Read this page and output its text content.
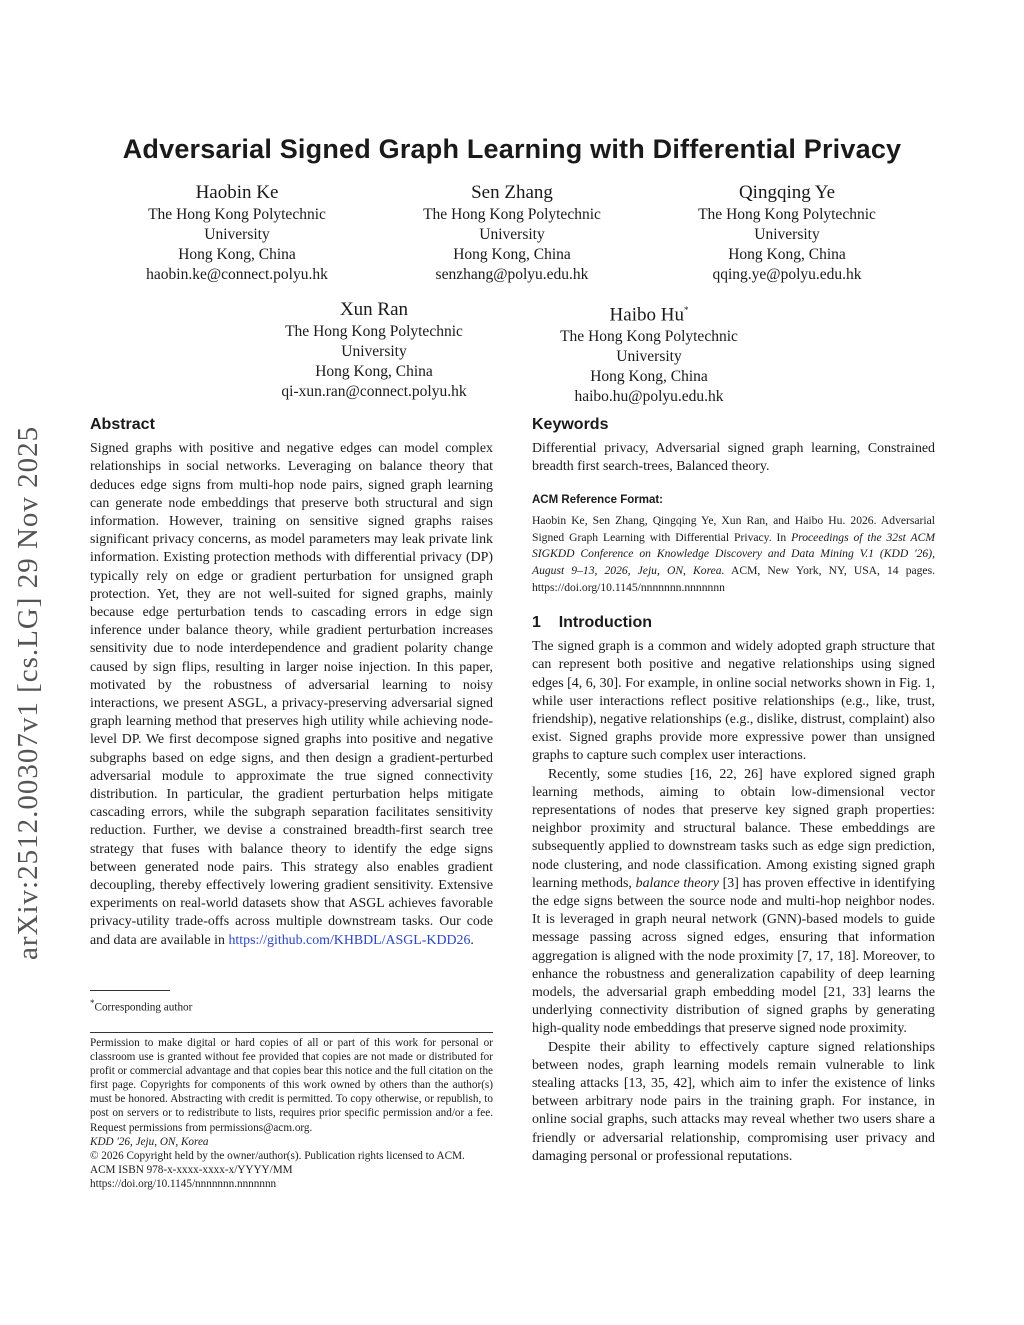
arXiv:2512.00307v1 [cs.LG] 29 Nov 2025
Adversarial Signed Graph Learning with Differential Privacy
Haobin Ke
The Hong Kong Polytechnic
University
Hong Kong, China
haobin.ke@connect.polyu.hk
Sen Zhang
The Hong Kong Polytechnic
University
Hong Kong, China
senzhang@polyu.edu.hk
Qingqing Ye
The Hong Kong Polytechnic
University
Hong Kong, China
qqing.ye@polyu.edu.hk
Xun Ran
The Hong Kong Polytechnic
University
Hong Kong, China
qi-xun.ran@connect.polyu.hk
Haibo Hu*
The Hong Kong Polytechnic
University
Hong Kong, China
haibo.hu@polyu.edu.hk
Abstract

Signed graphs with positive and negative edges can model complex relationships in social networks. Leveraging on balance theory that deduces edge signs from multi-hop node pairs, signed graph learning can generate node embeddings that preserve both structural and sign information. However, training on sensitive signed graphs raises significant privacy concerns, as model parameters may leak private link information. Existing protection methods with differential privacy (DP) typically rely on edge or gradient perturbation for unsigned graph protection. Yet, they are not well-suited for signed graphs, mainly because edge perturbation tends to cascading errors in edge sign inference under balance theory, while gradient perturbation increases sensitivity due to node interdependence and gradient polarity change caused by sign flips, resulting in larger noise injection. In this paper, motivated by the robustness of adversarial learning to noisy interactions, we present ASGL, a privacy-preserving adversarial signed graph learning method that preserves high utility while achieving node-level DP. We first decompose signed graphs into positive and negative subgraphs based on edge signs, and then design a gradient-perturbed adversarial module to approximate the true signed connectivity distribution. In particular, the gradient perturbation helps mitigate cascading errors, while the subgraph separation facilitates sensitivity reduction. Further, we devise a constrained breadth-first search tree strategy that fuses with balance theory to identify the edge signs between generated node pairs. This strategy also enables gradient decoupling, thereby effectively lowering gradient sensitivity. Extensive experiments on real-world datasets show that ASGL achieves favorable privacy-utility trade-offs across multiple downstream tasks. Our code and data are available in https://github.com/KHBDL/ASGL-KDD26.

*Corresponding author

Permission to make digital or hard copies of all or part of this work for personal or classroom use is granted without fee provided that copies are not made or distributed for profit or commercial advantage and that copies bear this notice and the full citation on the first page. Copyrights for components of this work owned by others than the author(s) must be honored. Abstracting with credit is permitted. To copy otherwise, or republish, to post on servers or to redistribute to lists, requires prior specific permission and/or a fee. Request permissions from permissions@acm.org.

KDD '26, Jeju, ON, Korea

© 2026 Copyright held by the owner/author(s). Publication rights licensed to ACM.

ACM ISBN 978-x-xxxx-xxxx-x/YYYY/MM

https://doi.org/10.1145/nnnnnnn.nnnnnnn

Keywords

Differential privacy, Adversarial signed graph learning, Constrained breadth first search-trees, Balanced theory.

ACM Reference Format:

Haobin Ke, Sen Zhang, Qingqing Ye, Xun Ran, and Haibo Hu. 2026. Adversarial Signed Graph Learning with Differential Privacy. In Proceedings of the 32st ACM SIGKDD Conference on Knowledge Discovery and Data Mining V.1 (KDD '26), August 9–13, 2026, Jeju, ON, Korea. ACM, New York, NY, USA, 14 pages. https://doi.org/10.1145/nnnnnnn.nnnnnnn

1 Introduction

The signed graph is a common and widely adopted graph structure that can represent both positive and negative relationships using signed edges [4, 6, 30]. For example, in online social networks shown in Fig. 1, while user interactions reflect positive relationships (e.g., like, trust, friendship), negative relationships (e.g., dislike, distrust, complaint) also exist. Signed graphs provide more expressive power than unsigned graphs to capture such complex user interactions.

Recently, some studies [16, 22, 26] have explored signed graph learning methods, aiming to obtain low-dimensional vector representations of nodes that preserve key signed graph properties: neighbor proximity and structural balance. These embeddings are subsequently applied to downstream tasks such as edge sign prediction, node clustering, and node classification. Among existing signed graph learning methods, balance theory [3] has proven effective in identifying the edge signs between the source node and multi-hop neighbor nodes. It is leveraged in graph neural network (GNN)-based models to guide message passing across signed edges, ensuring that information aggregation is aligned with the node proximity [7, 17, 18]. Moreover, to enhance the robustness and generalization capability of deep learning models, the adversarial graph embedding model [21, 33] learns the underlying connectivity distribution of signed graphs by generating high-quality node embeddings that preserve signed node proximity.

Despite their ability to effectively capture signed relationships between nodes, graph learning models remain vulnerable to link stealing attacks [13, 35, 42], which aim to infer the existence of links between arbitrary node pairs in the training graph. For instance, in online social graphs, such attacks may reveal whether two users share a friendly or adversarial relationship, compromising user privacy and damaging personal or professional reputations.
